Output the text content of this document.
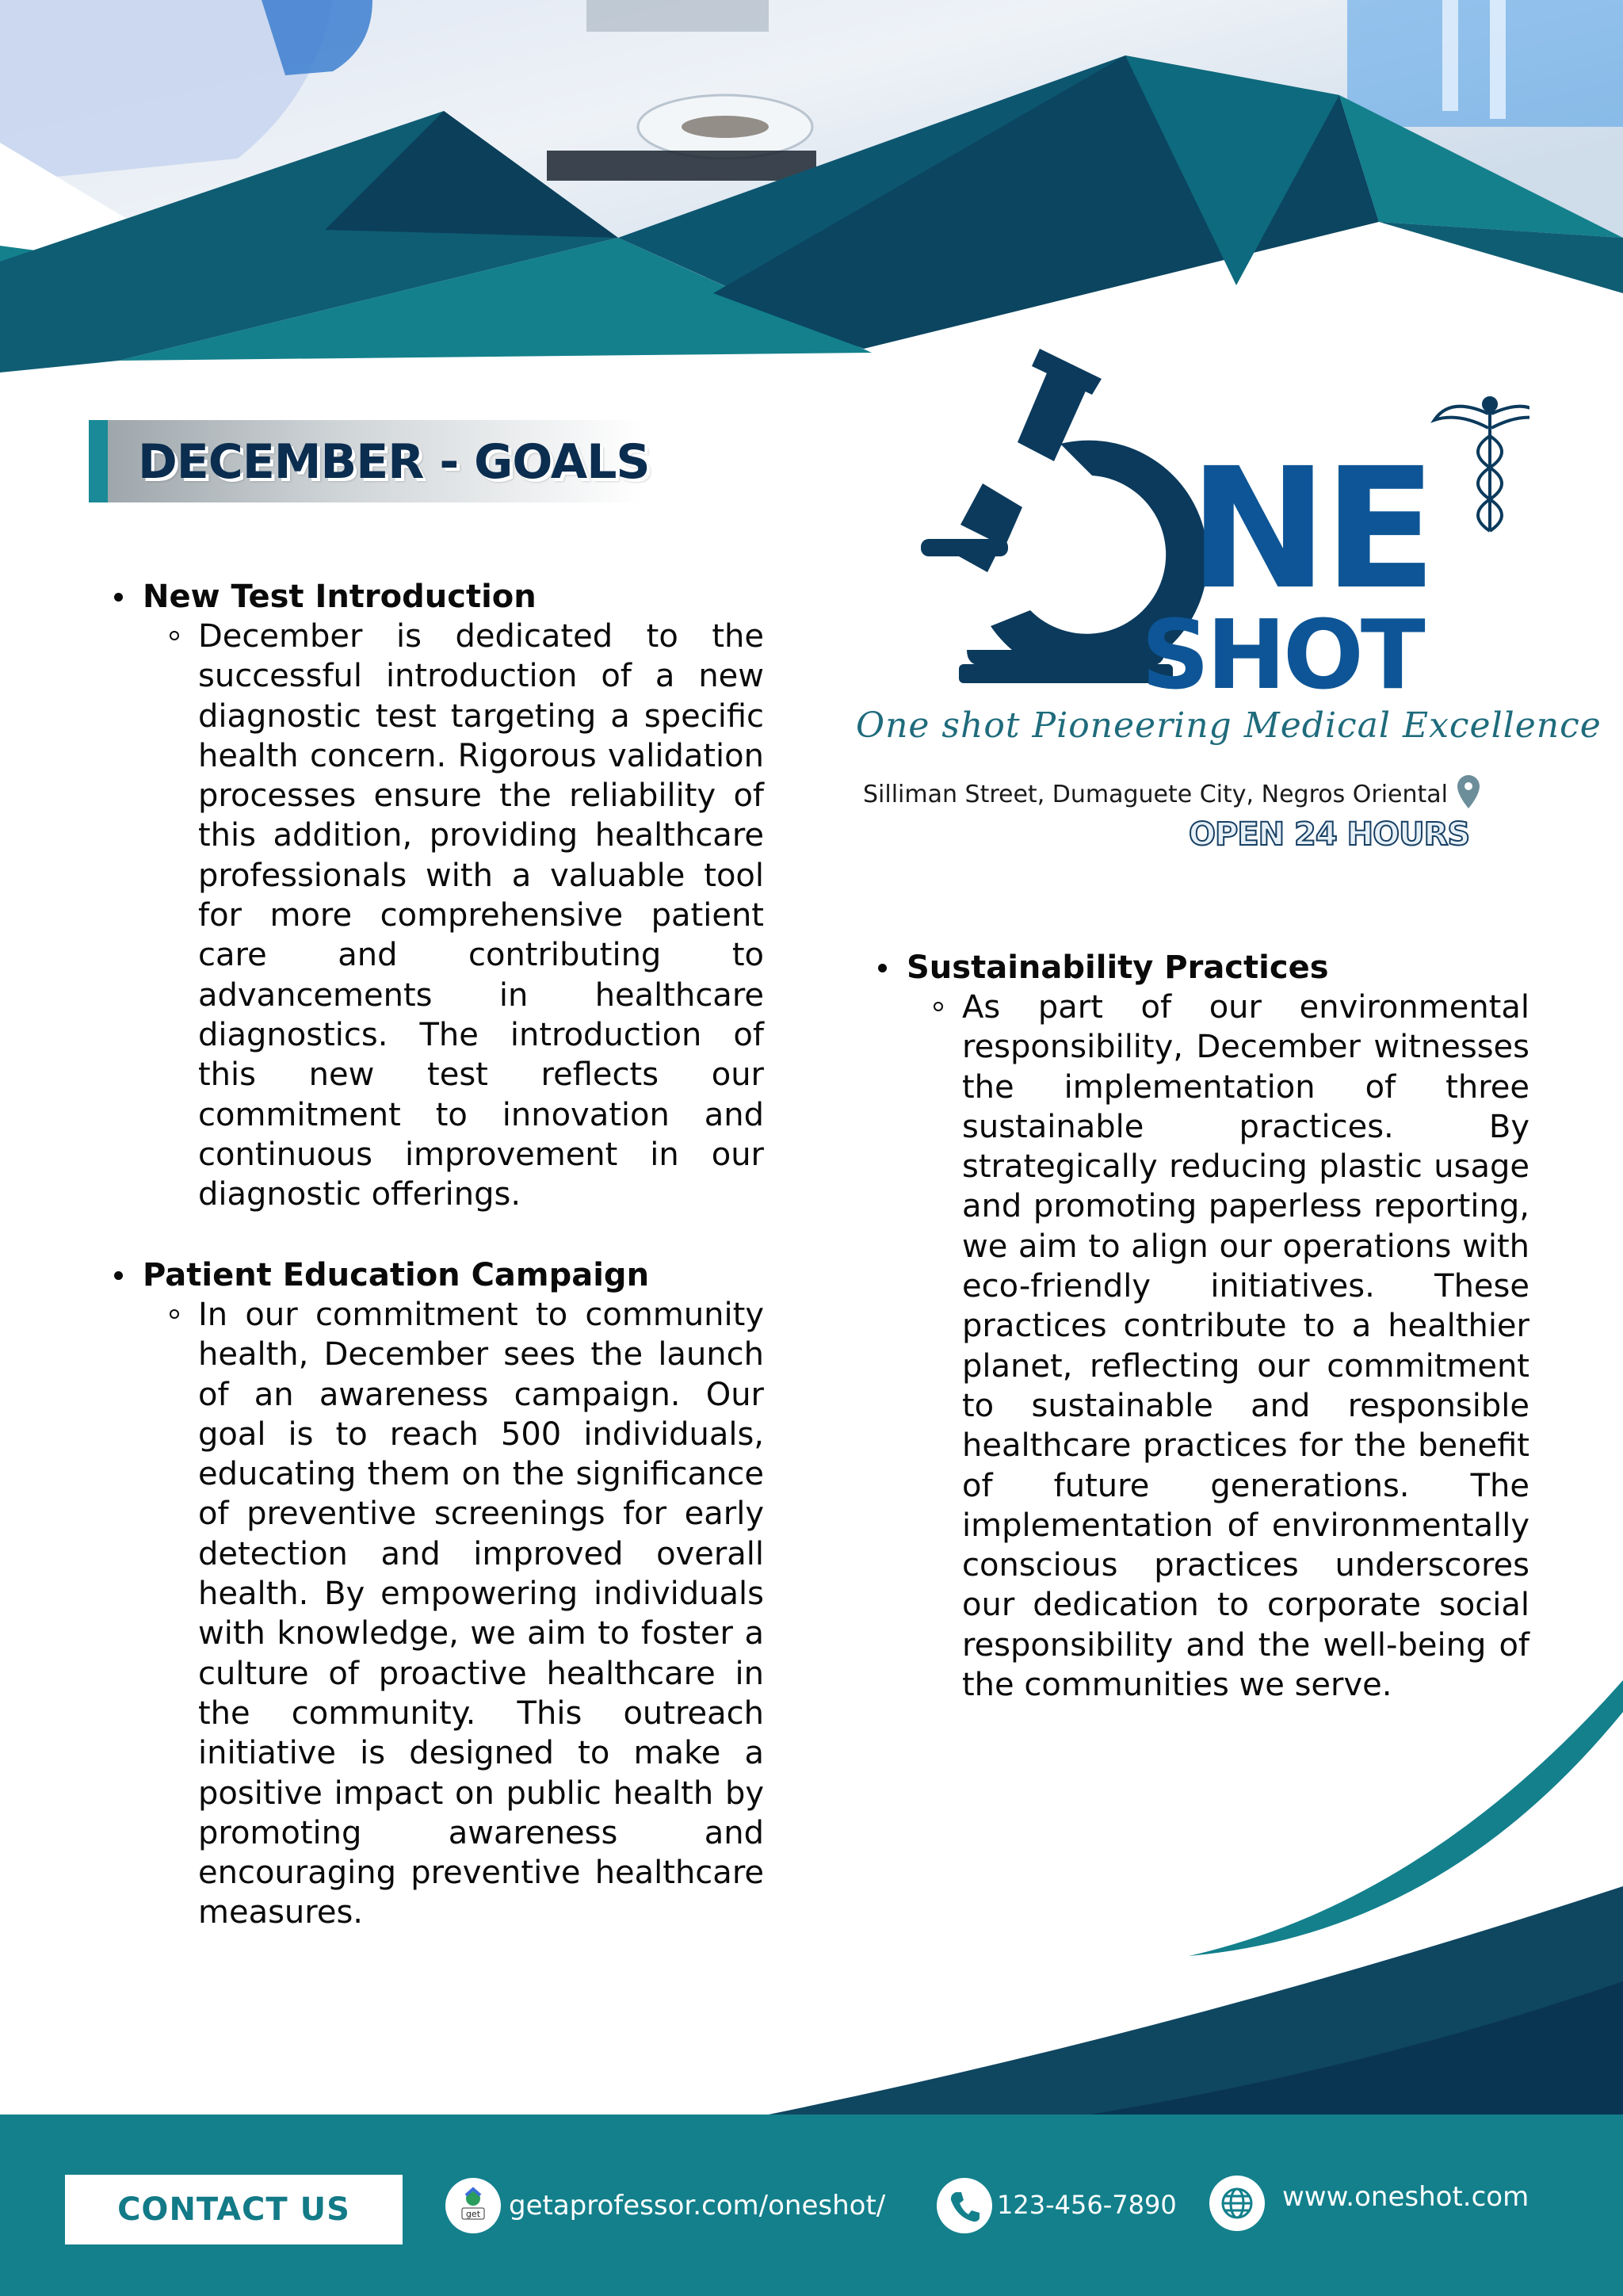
DECEMBER - GOALS
New Test Introduction
December is dedicated to the successful introduction of a new diagnostic test targeting a specific health concern. Rigorous validation processes ensure the reliability of this addition, providing healthcare professionals with a valuable tool for more comprehensive patient care and contributing to advancements in healthcare diagnostics. The introduction of this new test reflects our commitment to innovation and continuous improvement in our diagnostic offerings.
Patient Education Campaign
In our commitment to community health, December sees the launch of an awareness campaign. Our goal is to reach 500 individuals, educating them on the significance of preventive screenings for early detection and improved overall health. By empowering individuals with knowledge, we aim to foster a culture of proactive healthcare in the community. This outreach initiative is designed to make a positive impact on public health by promoting awareness and encouraging preventive healthcare measures.
NE
SHOT
One shot Pioneering Medical Excellence
Silliman Street, Dumaguete City, Negros Oriental
OPEN 24 HOURS
Sustainability Practices
As part of our environmental responsibility, December witnesses the implementation of three sustainable practices. By strategically reducing plastic usage and promoting paperless reporting, we aim to align our operations with eco-friendly initiatives. These practices contribute to a healthier planet, reflecting our commitment to sustainable and responsible healthcare practices for the benefit of future generations. The implementation of environmentally conscious practices underscores our dedication to corporate social responsibility and the well-being of the communities we serve.
CONTACT US	get getaprofessor.com/oneshot/	123-456-7890	www.oneshot.com
